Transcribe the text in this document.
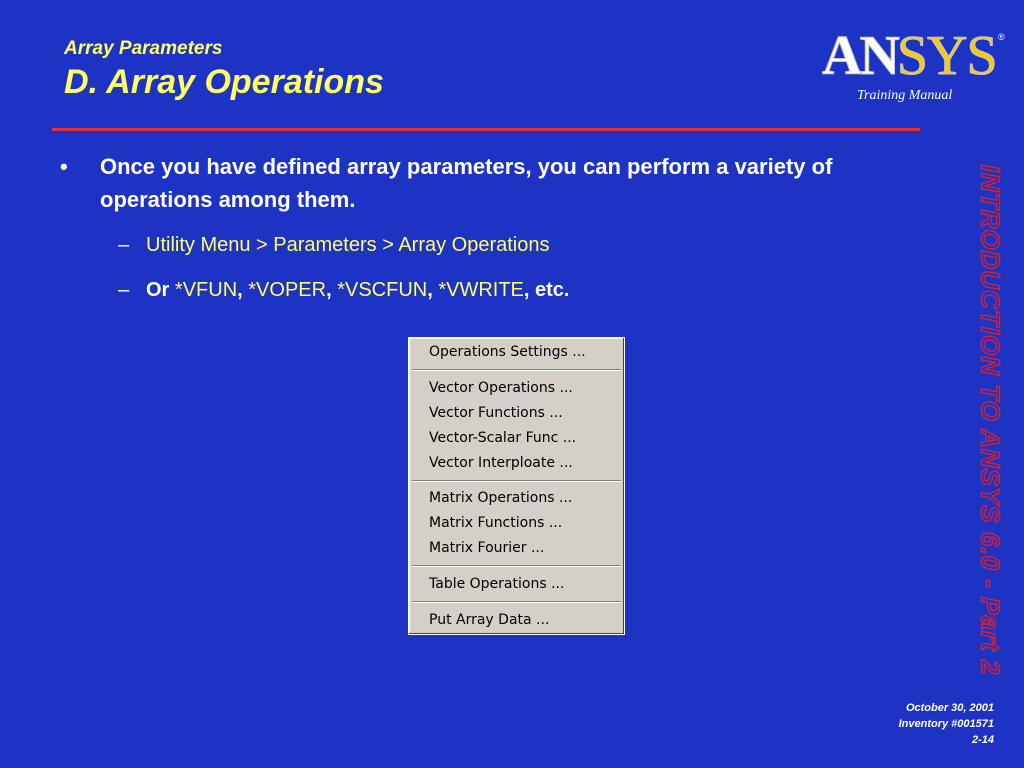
Array Parameters
D. Array Operations	ANSYS ®
Training Manual
• Once you have defined array parameters, you can perform a variety of operations among them.
– Utility Menu > Parameters > Array Operations
– Or *VFUN, *VOPER, *VSCFUN, *VWRITE, etc.
Operations Settings ...
Vector Operations ...
Vector Functions ...
Vector-Scalar Func ...
Vector Interploate ...
Matrix Operations ...
Matrix Functions ...
Matrix Fourier ...
Table Operations ...
Put Array Data ...	INTRODUCTION TO ANSYS 6.0 - Part 2
October 30, 2001
Inventory #001571
2-14
